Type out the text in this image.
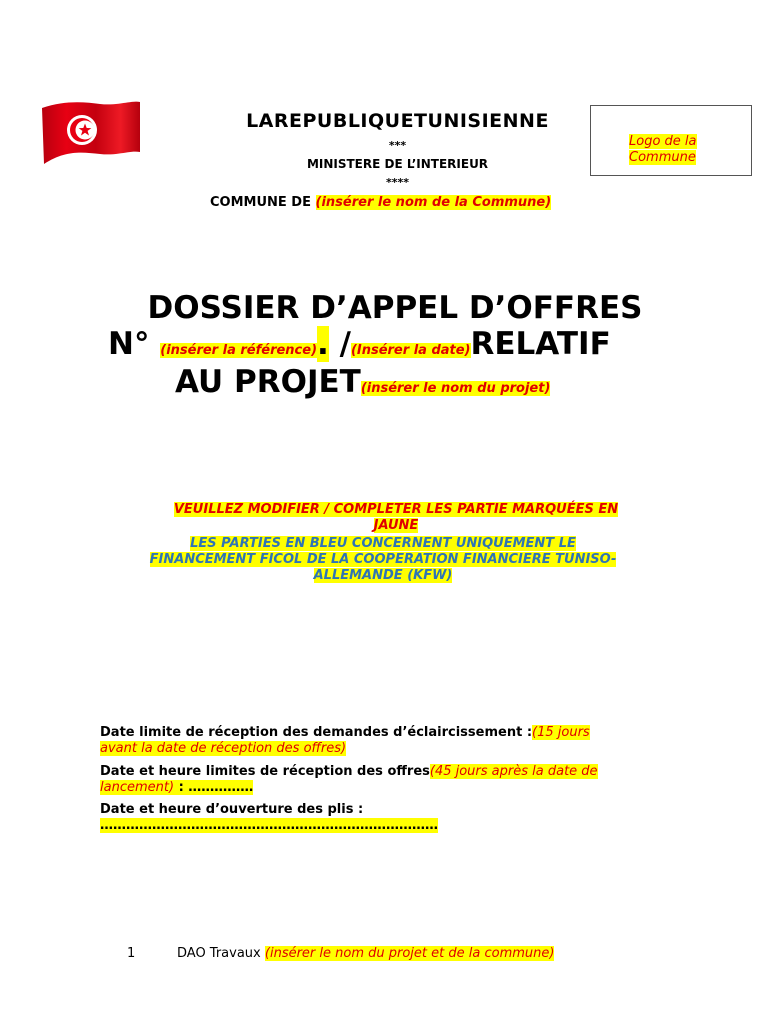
Logo de la
Commune
LAREPUBLIQUETUNISIENNE
***
MINISTERE DE L’INTERIEUR
****
COMMUNE DE (insérer le nom de la Commune)
DOSSIER D’APPEL D’OFFRES
N° (insérer la référence). /(Insérer la date)RELATIF
AU PROJET(insérer le nom du projet)
VEUILLEZ MODIFIER / COMPLETER LES PARTIE MARQUÉES EN
JAUNE
LES PARTIES EN BLEU CONCERNENT UNIQUEMENT LE
FINANCEMENT FICOL DE LA COOPERATION FINANCIERE TUNISO-
ALLEMANDE (KFW)
Date limite de réception des demandes d’éclaircissement :(15 jours
avant la date de réception des offres)
Date et heure limites de réception des offres(45 jours après la date de
lancement) : ……………
Date et heure d’ouverture des plis :
……………………………………………………………………
1	DAO Travaux (insérer le nom du projet et de la commune)
